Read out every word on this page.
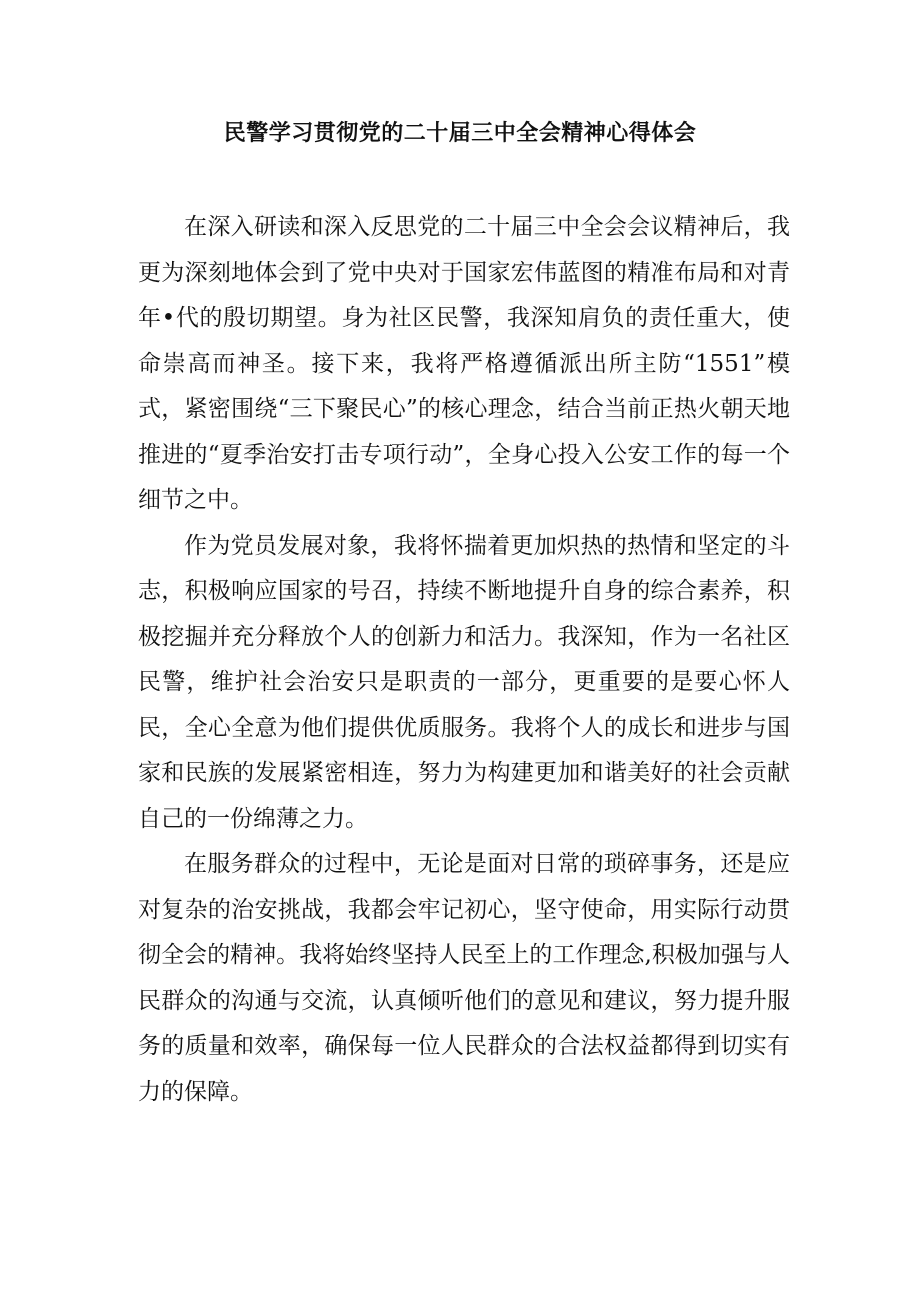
民警学习贯彻党的二十届三中全会精神心得体会

在深入研读和深入反思党的二十届三中全会会议精神后，我更为深刻地体会到了党中央对于国家宏伟蓝图的精准布局和对青年•代的殷切期望。身为社区民警，我深知肩负的责任重大，使命崇高而神圣。接下来，我将严格遵循派出所主防“1551”模式，紧密围绕“三下聚民心”的核心理念，结合当前正热火朝天地推进的“夏季治安打击专项行动”，全身心投入公安工作的每一个细节之中。

作为党员发展对象，我将怀揣着更加炽热的热情和坚定的斗志，积极响应国家的号召，持续不断地提升自身的综合素养，积极挖掘并充分释放个人的创新力和活力。我深知，作为一名社区民警，维护社会治安只是职责的一部分，更重要的是要心怀人民，全心全意为他们提供优质服务。我将个人的成长和进步与国家和民族的发展紧密相连，努力为构建更加和谐美好的社会贡献自己的一份绵薄之力。

在服务群众的过程中，无论是面对日常的琐碎事务，还是应对复杂的治安挑战，我都会牢记初心，坚守使命，用实际行动贯彻全会的精神。我将始终坚持人民至上的工作理念,积极加强与人民群众的沟通与交流，认真倾听他们的意见和建议，努力提升服务的质量和效率，确保每一位人民群众的合法权益都得到切实有力的保障。
